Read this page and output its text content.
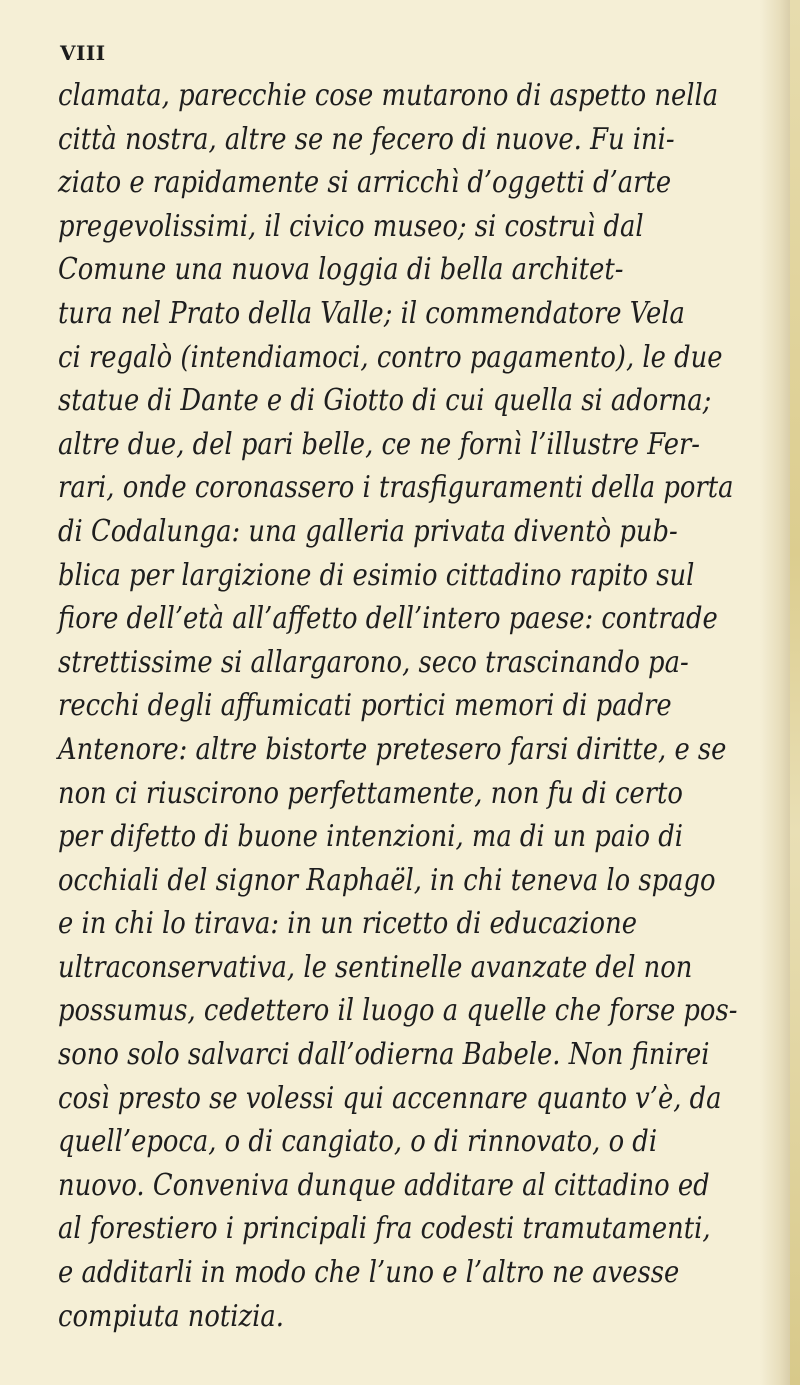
VIII
clamata, parecchie cose mutarono di aspetto nella
città nostra, altre se ne fecero di nuove. Fu ini-
ziato e rapidamente si arricchì d’oggetti d’arte
pregevolissimi, il civico museo; si costruì dal
Comune una nuova loggia di bella architet-
tura nel Prato della Valle; il commendatore Vela
ci regalò (intendiamoci, contro pagamento), le due
statue di Dante e di Giotto di cui quella si adorna;
altre due, del pari belle, ce ne fornì l’illustre Fer-
rari, onde coronassero i trasfiguramenti della porta
di Codalunga: una galleria privata diventò pub-
blica per largizione di esimio cittadino rapito sul
fiore dell’età all’affetto dell’intero paese: contrade
strettissime si allargarono, seco trascinando pa-
recchi degli affumicati portici memori di padre
Antenore: altre bistorte pretesero farsi diritte, e se
non ci riuscirono perfettamente, non fu di certo
per difetto di buone intenzioni, ma di un paio di
occhiali del signor Raphaël, in chi teneva lo spago
e in chi lo tirava: in un ricetto di educazione
ultraconservativa, le sentinelle avanzate del non
possumus, cedettero il luogo a quelle che forse pos-
sono solo salvarci dall’odierna Babele. Non finirei
così presto se volessi qui accennare quanto v’è, da
quell’epoca, o di cangiato, o di rinnovato, o di
nuovo. Conveniva dunque additare al cittadino ed
al forestiero i principali fra codesti tramutamenti,
e additarli in modo che l’uno e l’altro ne avesse
compiuta notizia.
